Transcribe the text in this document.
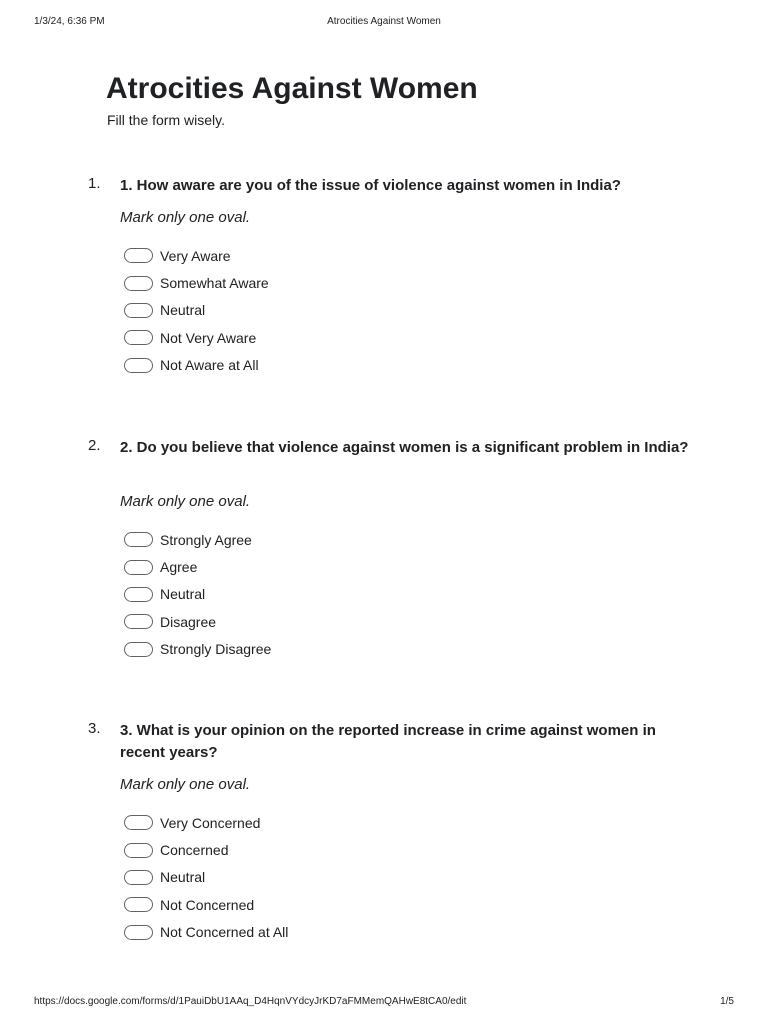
1/3/24, 6:36 PM	Atrocities Against Women
Atrocities Against Women
Fill the form wisely.
1. 1. How aware are you of the issue of violence against women in India?
Mark only one oval.
Very Aware
Somewhat Aware
Neutral
Not Very Aware
Not Aware at All
2. 2. Do you believe that violence against women is a significant problem in India?
Mark only one oval.
Strongly Agree
Agree
Neutral
Disagree
Strongly Disagree
3. 3. What is your opinion on the reported increase in crime against women in recent years?
Mark only one oval.
Very Concerned
Concerned
Neutral
Not Concerned
Not Concerned at All
https://docs.google.com/forms/d/1PauiDbU1AAq_D4HqnVYdcyJrKD7aFMMemQAHwE8tCA0/edit	1/5
